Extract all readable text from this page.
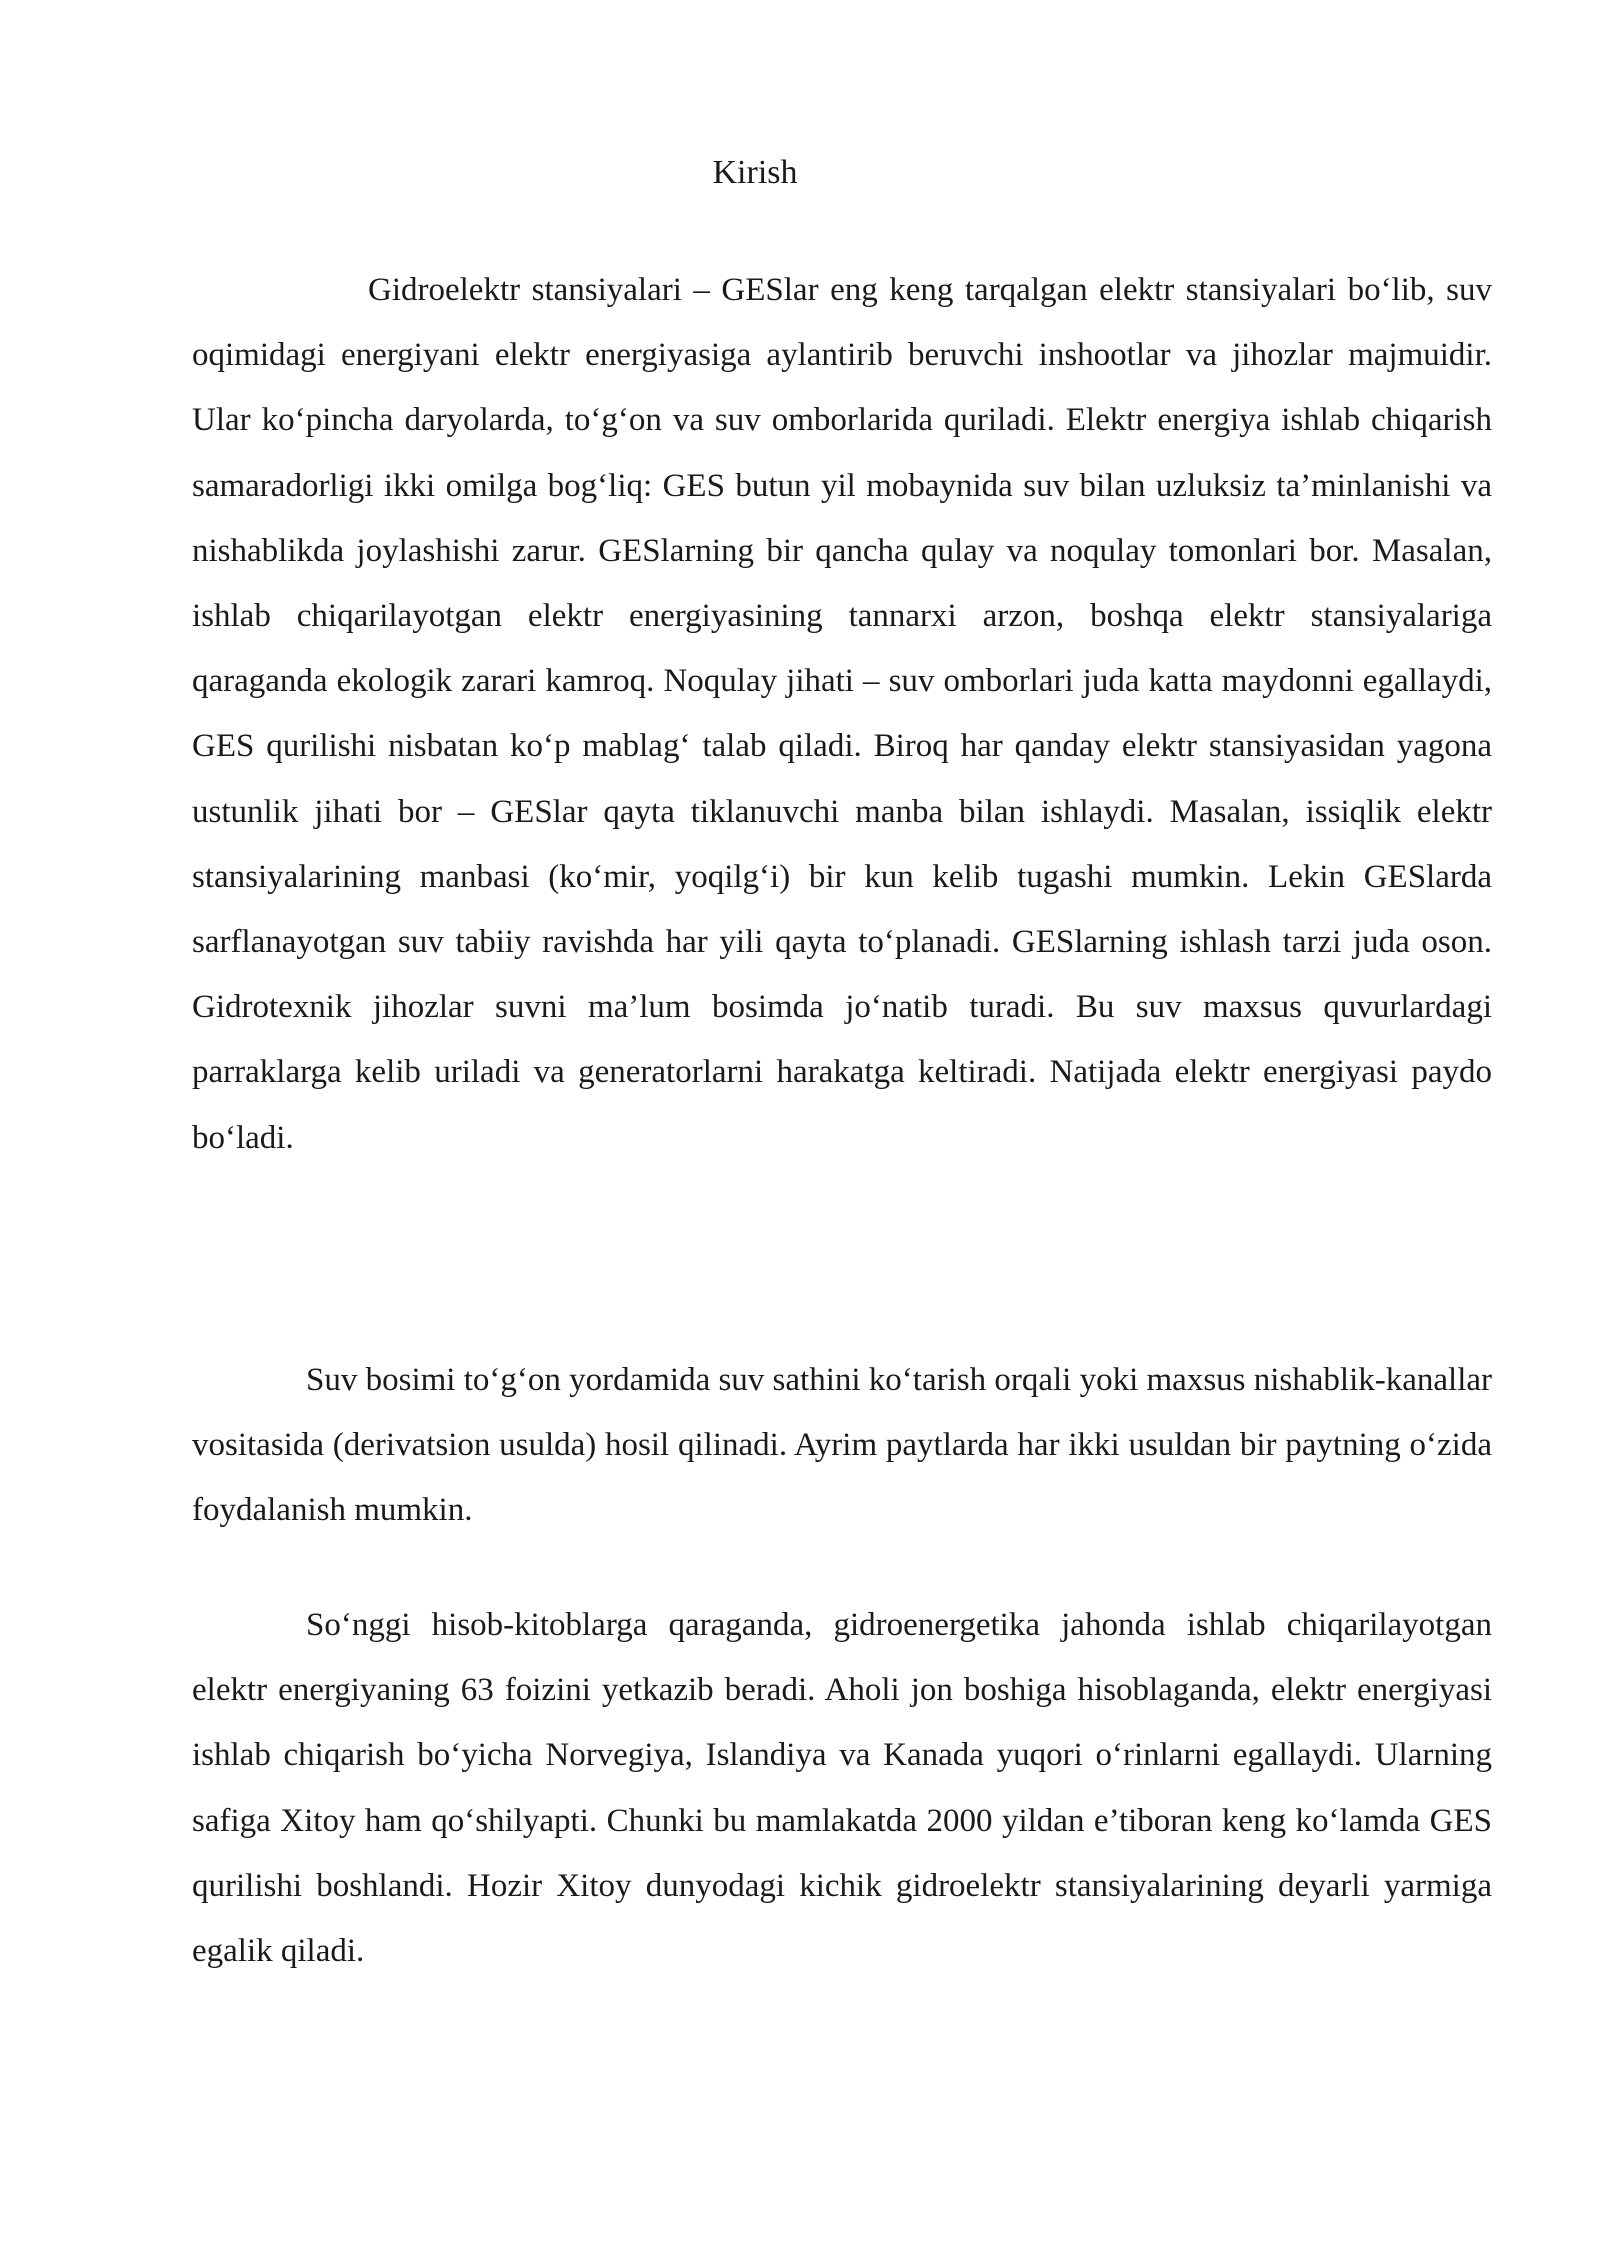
Kirish

Gidroelektr stansiyalari – GESlar eng keng tarqalgan elektr stansiyalari bo‘lib, suv oqimidagi energiyani elektr energiyasiga aylantirib beruvchi inshootlar va jihozlar majmuidir. Ular ko‘pincha daryolarda, to‘g‘on va suv omborlarida quriladi. Elektr energiya ishlab chiqarish samaradorligi ikki omilga bog‘liq: GES butun yil mobaynida suv bilan uzluksiz ta’minlanishi va nishablikda joylashishi zarur. GESlarning bir qancha qulay va noqulay tomonlari bor. Masalan, ishlab chiqarilayotgan elektr energiyasining tannarxi arzon, boshqa elektr stansiyalariga qaraganda ekologik zarari kamroq. Noqulay jihati – suv omborlari juda katta maydonni egallaydi, GES qurilishi nisbatan ko‘p mablag‘ talab qiladi. Biroq har qanday elektr stansiyasidan yagona ustunlik jihati bor – GESlar qayta tiklanuvchi manba bilan ishlaydi. Masalan, issiqlik elektr stansiyalarining manbasi (ko‘mir, yoqilg‘i) bir kun kelib tugashi mumkin. Lekin GESlarda sarflanayotgan suv tabiiy ravishda har yili qayta to‘planadi. GESlarning ishlash tarzi juda oson. Gidrotexnik jihozlar suvni ma’lum bosimda jo‘natib turadi. Bu suv maxsus quvurlardagi parraklarga kelib uriladi va generatorlarni harakatga keltiradi. Natijada elektr energiyasi paydo bo‘ladi.

Suv bosimi to‘g‘on yordamida suv sathini ko‘tarish orqali yoki maxsus nishablik-kanallar vositasida (derivatsion usulda) hosil qilinadi. Ayrim paytlarda har ikki usuldan bir paytning o‘zida foydalanish mumkin.

So‘nggi hisob-kitoblarga qaraganda, gidroenergetika jahonda ishlab chiqarilayotgan elektr energiyaning 63 foizini yetkazib beradi. Aholi jon boshiga hisoblaganda, elektr energiyasi ishlab chiqarish bo‘yicha Norvegiya, Islandiya va Kanada yuqori o‘rinlarni egallaydi. Ularning safiga Xitoy ham qo‘shilyapti. Chunki bu mamlakatda 2000 yildan e’tiboran keng ko‘lamda GES qurilishi boshlandi. Hozir Xitoy dunyodagi kichik gidroelektr stansiyalarining deyarli yarmiga egalik qiladi.
